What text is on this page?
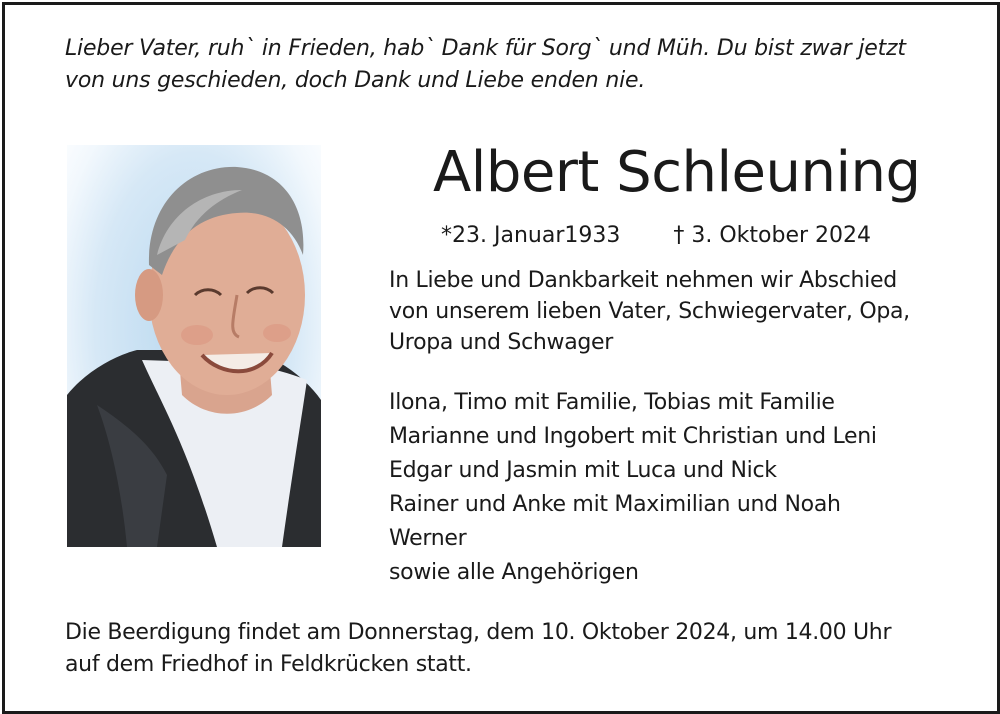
Lieber Vater, ruh` in Frieden, hab` Dank für Sorg` und Müh. Du bist zwar jetzt
von uns geschieden, doch Dank und Liebe enden nie.
Albert Schleuning
*23. Januar1933 † 3. Oktober 2024
In Liebe und Dankbarkeit nehmen wir Abschied
von unserem lieben Vater, Schwiegervater, Opa,
Uropa und Schwager
Ilona, Timo mit Familie, Tobias mit Familie
Marianne und Ingobert mit Christian und Leni
Edgar und Jasmin mit Luca und Nick
Rainer und Anke mit Maximilian und Noah
Werner
sowie alle Angehörigen
Die Beerdigung findet am Donnerstag, dem 10. Oktober 2024, um 14.00 Uhr
auf dem Friedhof in Feldkrücken statt.
